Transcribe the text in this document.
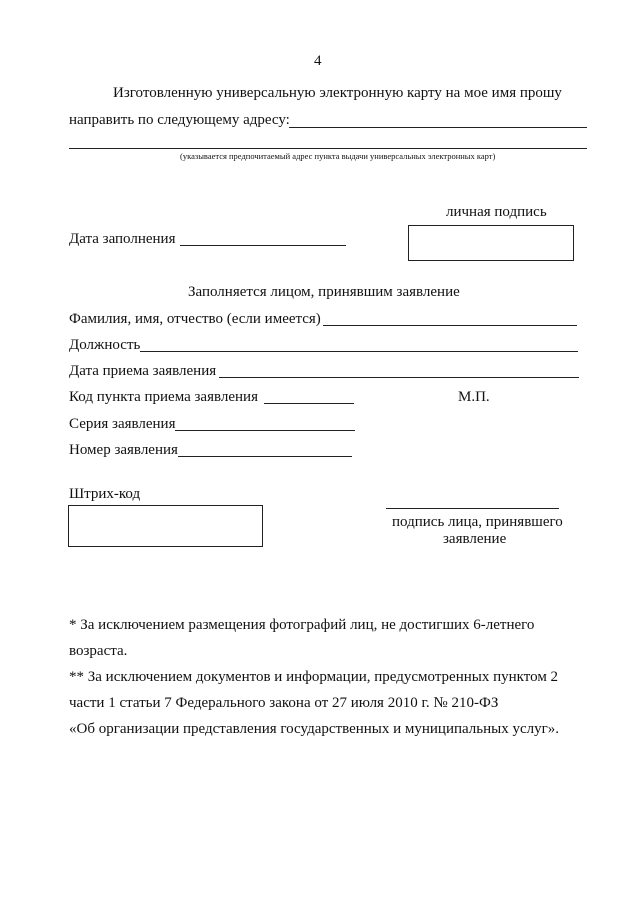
4
Изготовленную универсальную электронную карту на мое имя прошу
направить по следующему адресу:
(указывается предпочитаемый адрес пункта выдачи универсальных электронных карт)
личная подпись
Дата заполнения
Заполняется лицом, принявшим заявление
Фамилия, имя, отчество (если имеется)
Должность
Дата приема заявления
Код пункта приема заявления	М.П.
Серия заявления
Номер заявления
Штрих-код
подпись лица, принявшего
заявление
* За исключением размещения фотографий лиц, не достигших 6-летнего
возраста.
** За исключением документов и информации, предусмотренных пунктом 2
части 1 статьи 7 Федерального закона от 27 июля 2010 г. № 210-ФЗ
«Об организации представления государственных и муниципальных услуг».
